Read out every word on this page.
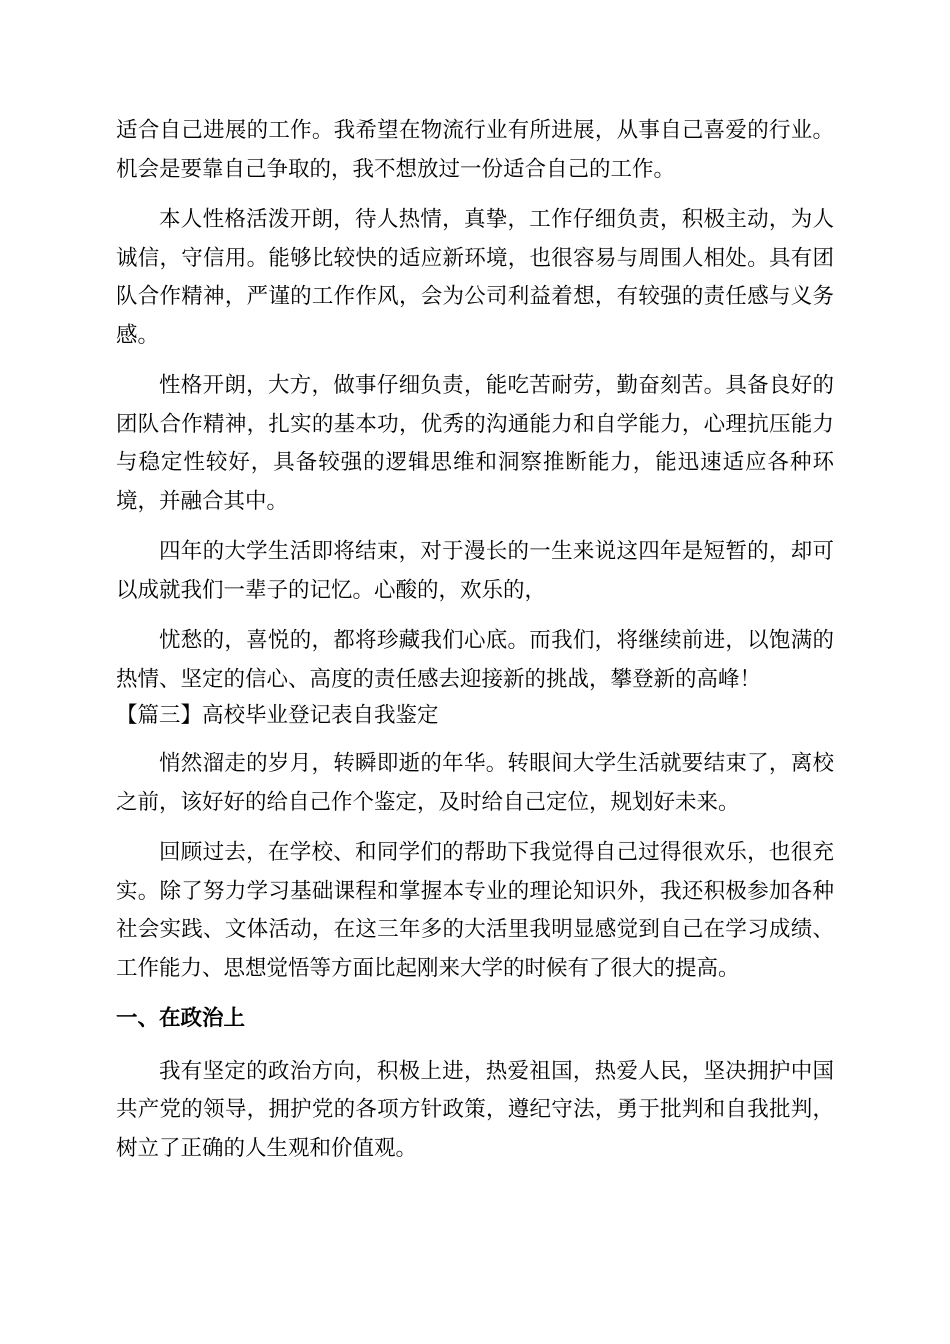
适合自己进展的工作。我希望在物流行业有所进展，从事自己喜爱的行业。机会是要靠自己争取的，我不想放过一份适合自己的工作。

本人性格活泼开朗，待人热情，真挚，工作仔细负责，积极主动，为人诚信，守信用。能够比较快的适应新环境，也很容易与周围人相处。具有团队合作精神，严谨的工作作风，会为公司利益着想，有较强的责任感与义务感。

性格开朗，大方，做事仔细负责，能吃苦耐劳，勤奋刻苦。具备良好的团队合作精神，扎实的基本功，优秀的沟通能力和自学能力，心理抗压能力与稳定性较好，具备较强的逻辑思维和洞察推断能力，能迅速适应各种环境，并融合其中。

四年的大学生活即将结束，对于漫长的一生来说这四年是短暂的，却可以成就我们一辈子的记忆。心酸的，欢乐的，

忧愁的，喜悦的，都将珍藏我们心底。而我们，将继续前进，以饱满的热情、坚定的信心、高度的责任感去迎接新的挑战，攀登新的高峰！

【篇三】高校毕业登记表自我鉴定

悄然溜走的岁月，转瞬即逝的年华。转眼间大学生活就要结束了，离校之前，该好好的给自己作个鉴定，及时给自己定位，规划好未来。

回顾过去，在学校、和同学们的帮助下我觉得自己过得很欢乐，也很充实。除了努力学习基础课程和掌握本专业的理论知识外，我还积极参加各种社会实践、文体活动，在这三年多的大活里我明显感觉到自己在学习成绩、工作能力、思想觉悟等方面比起刚来大学的时候有了很大的提高。

一、在政治上

我有坚定的政治方向，积极上进，热爱祖国，热爱人民，坚决拥护中国共产党的领导，拥护党的各项方针政策，遵纪守法，勇于批判和自我批判，树立了正确的人生观和价值观。
